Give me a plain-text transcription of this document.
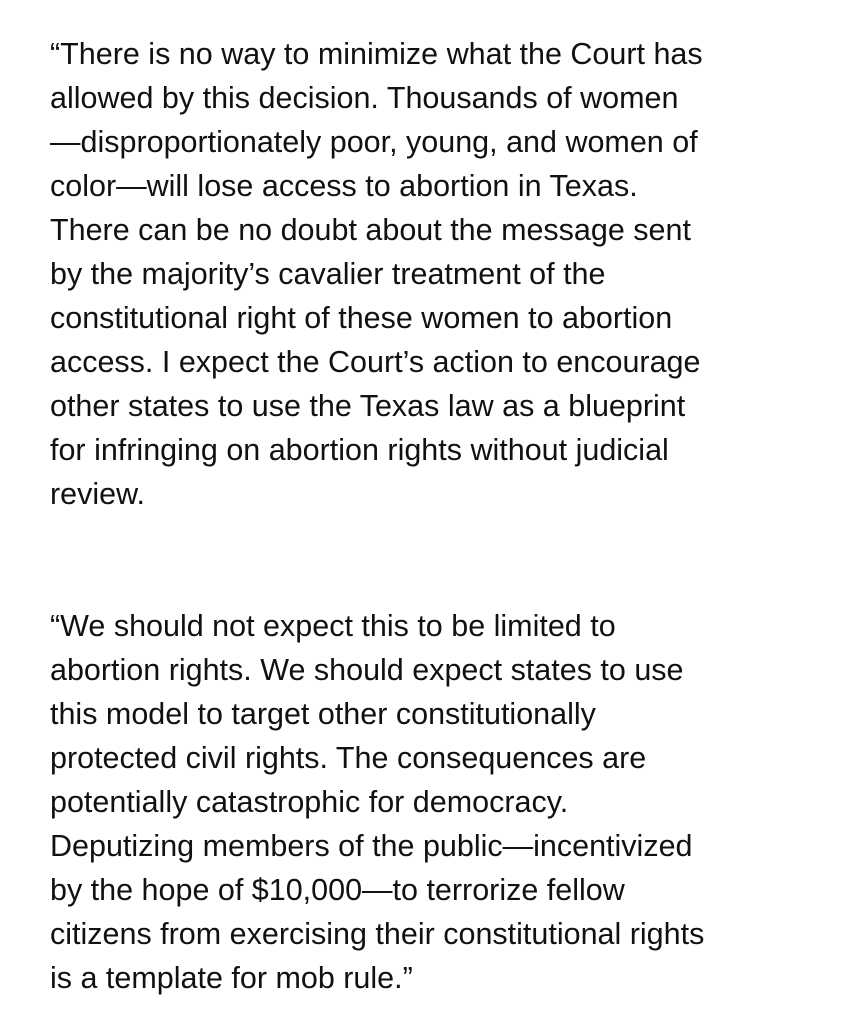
“There is no way to minimize what the Court has
allowed by this decision. Thousands of women
—disproportionately poor, young, and women of
color—will lose access to abortion in Texas.
There can be no doubt about the message sent
by the majority’s cavalier treatment of the
constitutional right of these women to abortion
access. I expect the Court’s action to encourage
other states to use the Texas law as a blueprint
for infringing on abortion rights without judicial
review.

“We should not expect this to be limited to
abortion rights. We should expect states to use
this model to target other constitutionally
protected civil rights. The consequences are
potentially catastrophic for democracy.
Deputizing members of the public—incentivized
by the hope of $10,000—to terrorize fellow
citizens from exercising their constitutional rights
is a template for mob rule.”
